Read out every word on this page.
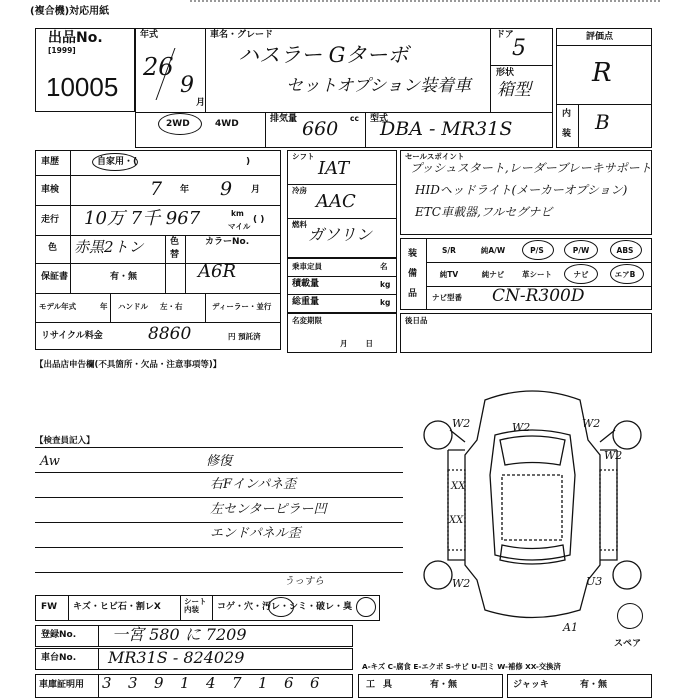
(複合機)対応用紙
出品No.
[1999]
10005
年式
26
9
月
車名・グレード
ハスラー Gターボ
セットオプション装着車
ドア
5
形状
箱型
2WD	4WD	排気量 660 cc 型式
DBA - MR31S
評価点
R
内
装 B
車歴	自家用・(	)
車検	7 年 9 月
走行 10万 7千 967	km
マイル
( )
色 赤黒2トン	色
替
カラーNo.
A6R
保証書	有・無
モデル年式	年 ハンドル 左・右	ディーラー・並行
リサイクル料金	8860	円 預託済
シフト
IAT
冷房
AAC
燃料
ガソリン
乗車定員	名
積載量	kg
総重量	kg
名変期限
月日
セールスポイント
プッシュスタート,レーダーブレーキサポート
HIDヘッドライト(メーカーオプション)
ETC車載器,フルセグナビ
装
備
品
S/R	純A/W	P/S	P/W	ABS
純TV	純ナビ	革シート	ナビ	エアB
ナビ型番 CN-R300D
後日品
【出品店申告欄(不具箇所・欠品・注意事項等)】
【検査員記入】
Aw	修復
右Fインパネ歪
左センターピラー凹
エンドパネル歪
W2	W2	W2
W2	U3
XX
XX
A1
W2
スペア
FW キズ・ヒビ石・割レX
シート内装	コゲ・穴・汚レ・シミ・破レ・臭
うっすら
登録No. 一宮 580 に 7209
車台No. MR31S - 824029
車庫証明用 3	3	9	1	4	7	1	6	6
A-キズ C-腐食 E-エクボ S-サビ U-凹ミ W-補修 XX-交換済
工具	有・無	ジャッキ	有・無
